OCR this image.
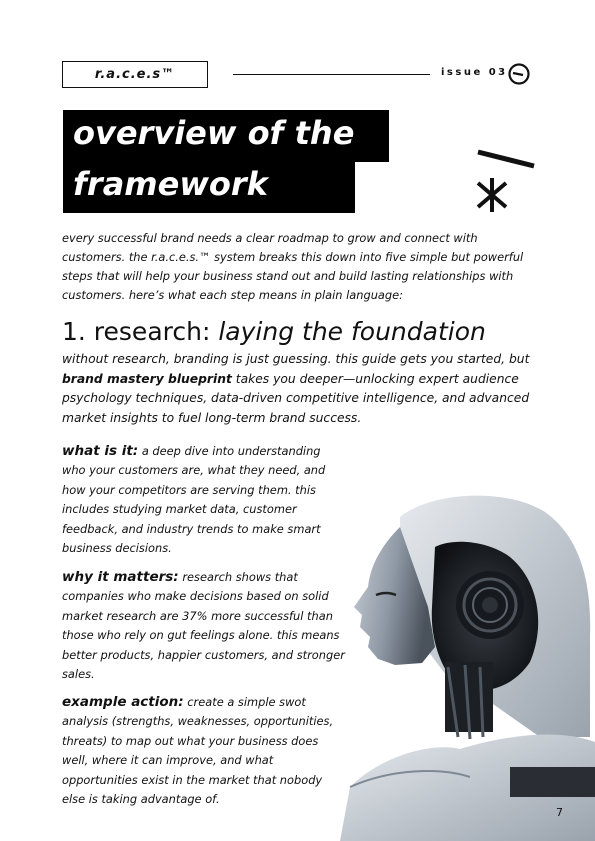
r.a.c.e.s™	issue 03
overview of the
framework
every successful brand needs a clear roadmap to grow and connect with customers. the r.a.c.e.s.™ system breaks this down into five simple but powerful steps that will help your business stand out and build lasting relationships with customers. here’s what each step means in plain language:
1. research: laying the foundation
without research, branding is just guessing. this guide gets you started, but brand mastery blueprint takes you deeper—unlocking expert audience psychology techniques, data-driven competitive intelligence, and advanced market insights to fuel long-term brand success.
what is it: a deep dive into understanding who your customers are, what they need, and how your competitors are serving them. this includes studying market data, customer feedback, and industry trends to make smart business decisions.
why it matters: research shows that companies who make decisions based on solid market research are 37% more successful than those who rely on gut feelings alone. this means better products, happier customers, and stronger sales.
example action: create a simple swot analysis (strengths, weaknesses, opportunities, threats) to map out what your business does well, where it can improve, and what opportunities exist in the market that nobody else is taking advantage of.
7
